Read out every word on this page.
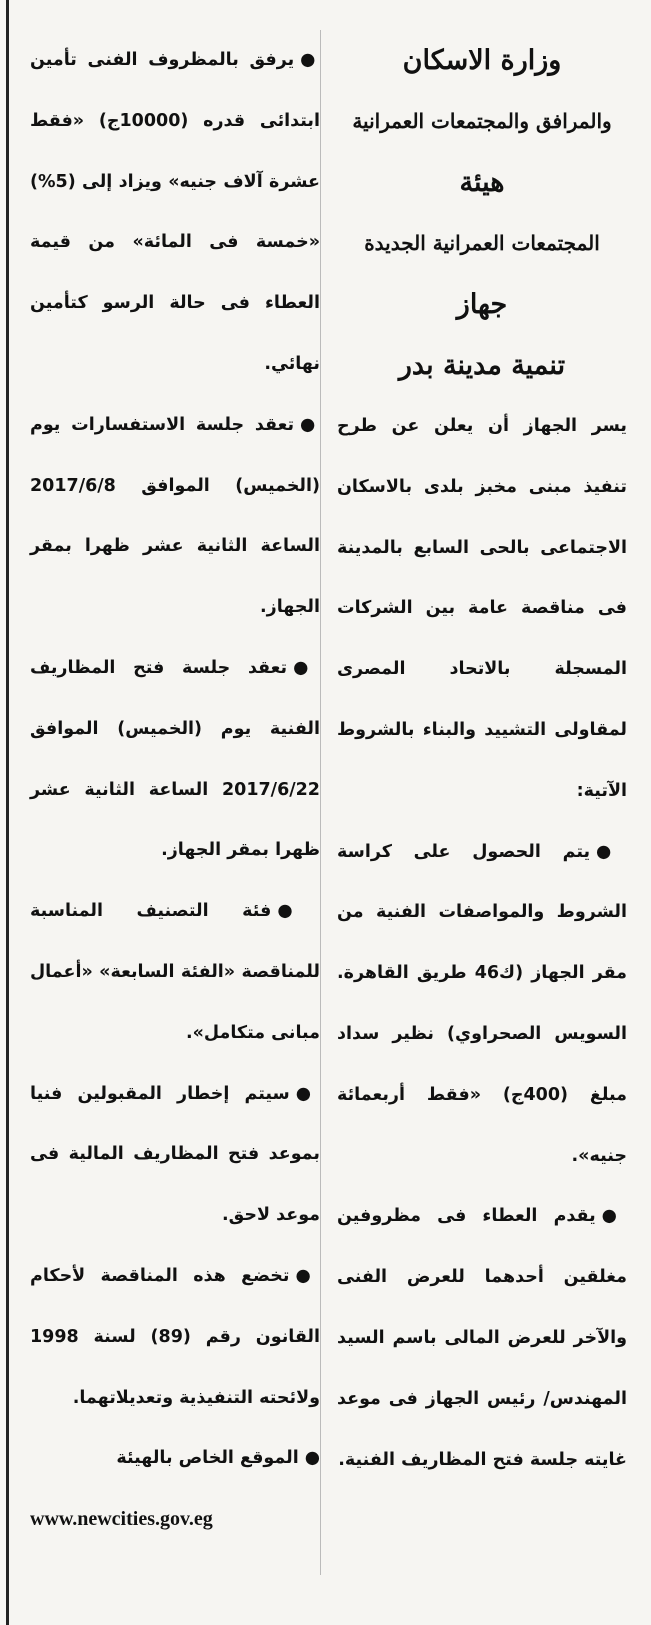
وزارة الاسكان

والمرافق والمجتمعات العمرانية

هيئة

المجتمعات العمرانية الجديدة

جهاز

تنمية مدينة بدر

يسر الجهاز أن يعلن عن طرح تنفيذ مبنى مخبز بلدى بالاسكان الاجتماعى بالحى السابع بالمدينة فى مناقصة عامة بين الشركات المسجلة بالاتحاد المصرى لمقاولى التشييد والبناء بالشروط الآتية:

●يتم الحصول على كراسة الشروط والمواصفات الفنية من مقر الجهاز (ك46 طريق القاهرة. السويس الصحراوي) نظير سداد مبلغ (400ج) «فقط أربعمائة جنيه».

●يقدم العطاء فى مظروفين مغلقين أحدهما للعرض الفنى والآخر للعرض المالى باسم السيد المهندس/ رئيس الجهاز فى موعد غايته جلسة فتح المظاريف الفنية.

●يرفق بالمظروف الفنى تأمين ابتدائى قدره (10000ج) «فقط عشرة آلاف جنيه» ويزاد إلى (5%) «خمسة فى المائة» من قيمة العطاء فى حالة الرسو كتأمين نهائي.

●تعقد جلسة الاستفسارات يوم (الخميس) الموافق 2017/6/8 الساعة الثانية عشر ظهرا بمقر الجهاز.

●تعقد جلسة فتح المظاريف الفنية يوم (الخميس) الموافق 2017/6/22 الساعة الثانية عشر ظهرا بمقر الجهاز.

●فئة التصنيف المناسبة للمناقصة «الفئة السابعة» «أعمال مبانى متكامل».

●سيتم إخطار المقبولين فنيا بموعد فتح المظاريف المالية فى موعد لاحق.

●تخضع هذه المناقصة لأحكام القانون رقم (89) لسنة 1998 ولائحته التنفيذية وتعديلاتهما.

●الموقع الخاص بالهيئة

www.newcities.gov.eg
